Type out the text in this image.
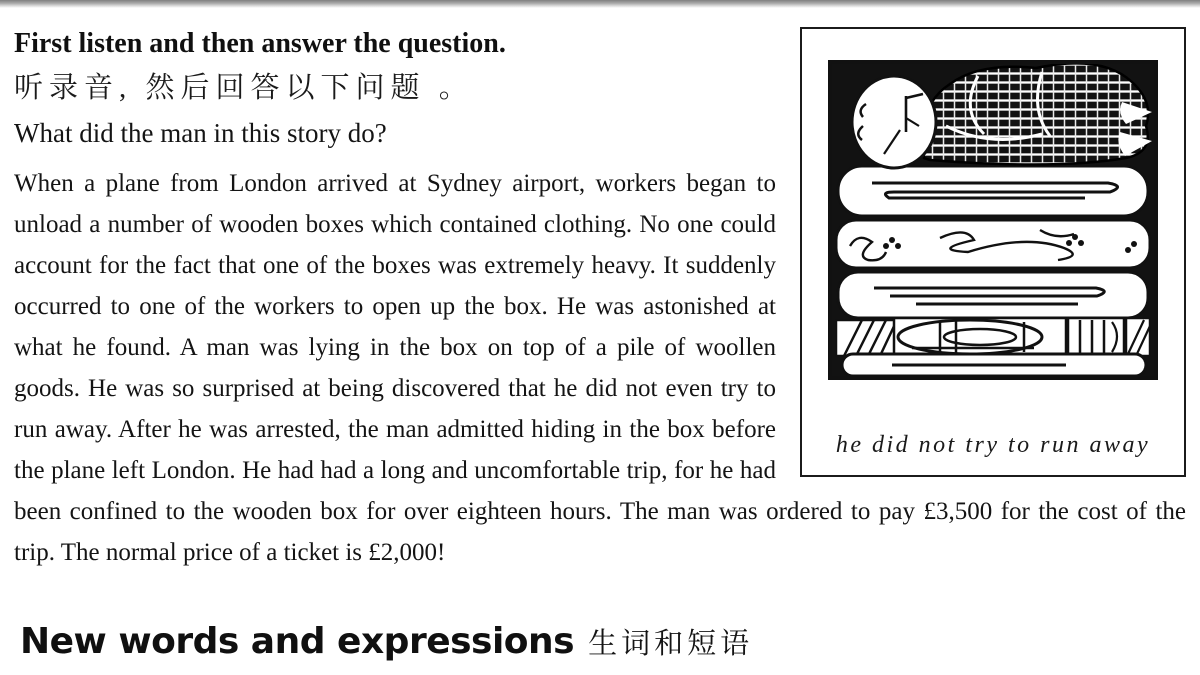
he did not try to run away
First listen and then answer the question.
听录音, 然后回答以下问题 。
What did the man in this story do?

When a plane from London arrived at Sydney airport, workers began to unload a number of wooden boxes which contained clothing. No one could account for the fact that one of the boxes was extremely heavy. It suddenly occurred to one of the workers to open up the box. He was astonished at what he found. A man was lying in the box on top of a pile of woollen goods. He was so surprised at being discovered that he did not even try to run away. After he was arrested, the man admitted hiding in the box before the plane left London. He had had a long and uncomfortable trip, for he had been confined to the wooden box for over eighteen hours. The man was ordered to pay £3,500 for the cost of the trip. The normal price of a ticket is £2,000!

New words and expressions 生词和短语
